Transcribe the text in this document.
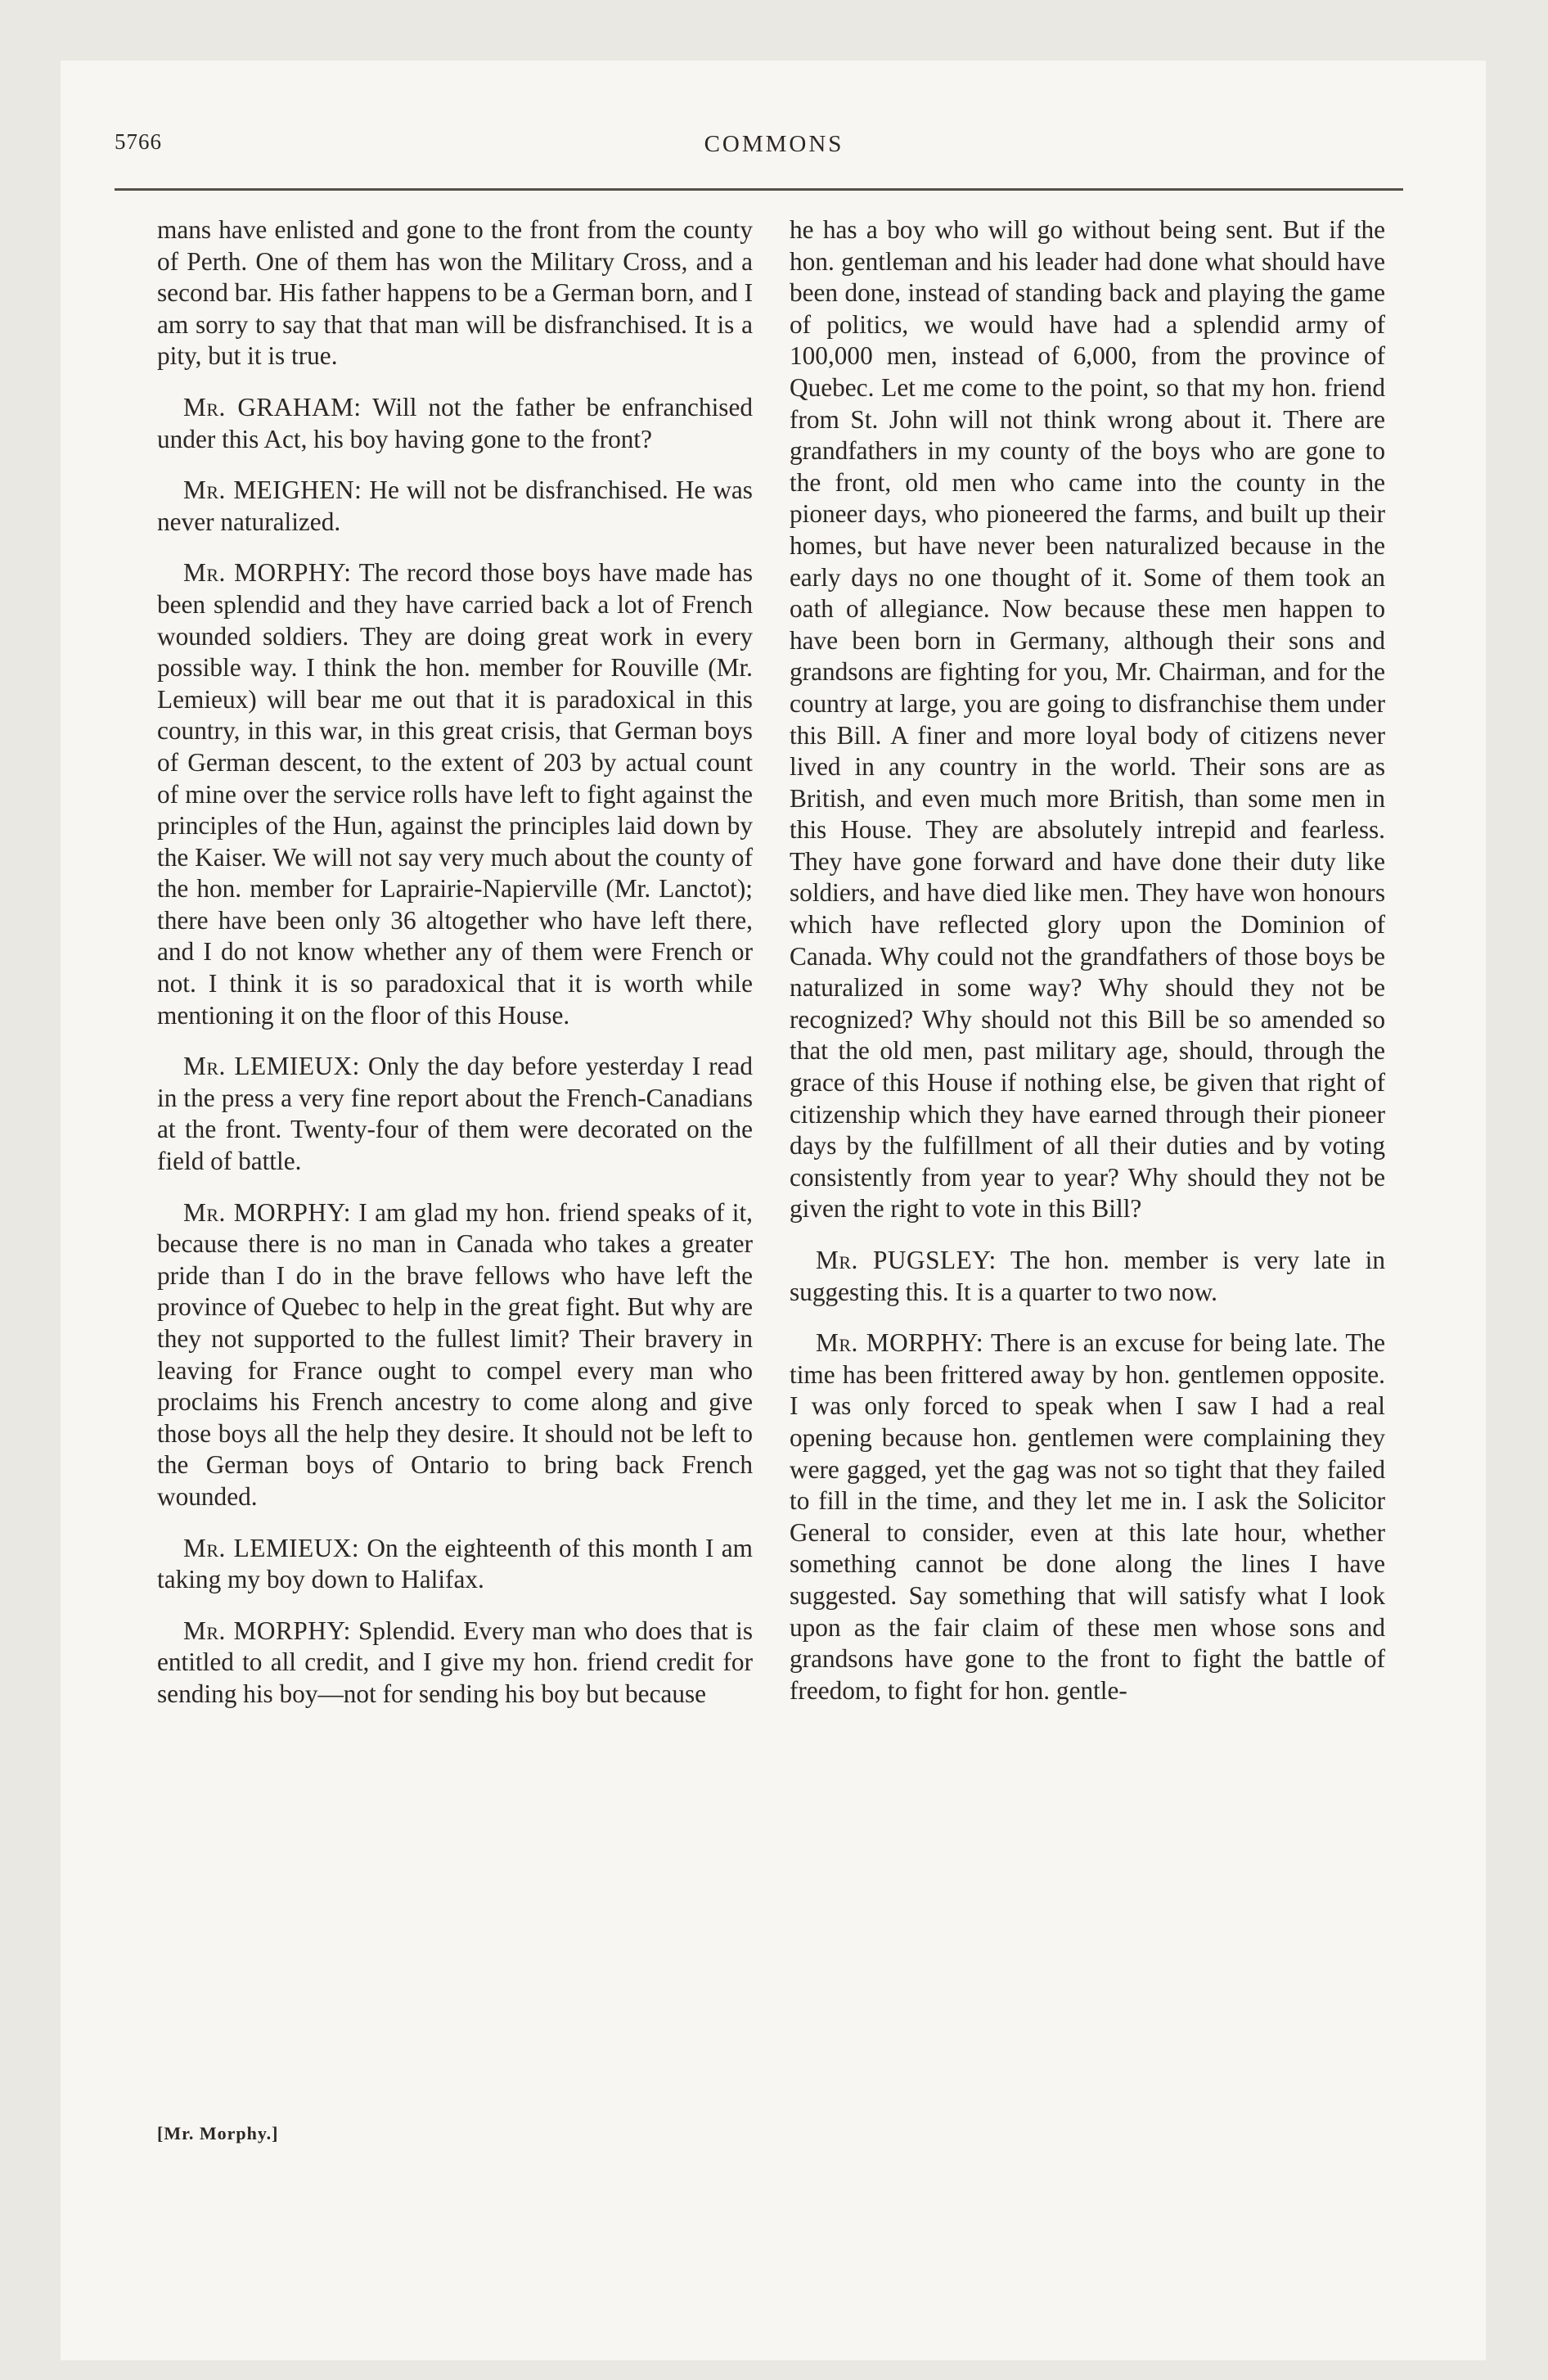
5766	COMMONS

mans have enlisted and gone to the front from the county of Perth. One of them has won the Military Cross, and a second bar. His father happens to be a German born, and I am sorry to say that that man will be disfranchised. It is a pity, but it is true.

Mr. GRAHAM: Will not the father be enfranchised under this Act, his boy having gone to the front?

Mr. MEIGHEN: He will not be disfranchised. He was never naturalized.

Mr. MORPHY: The record those boys have made has been splendid and they have carried back a lot of French wounded soldiers. They are doing great work in every possible way. I think the hon. member for Rouville (Mr. Lemieux) will bear me out that it is paradoxical in this country, in this war, in this great crisis, that German boys of German descent, to the extent of 203 by actual count of mine over the service rolls have left to fight against the principles of the Hun, against the principles laid down by the Kaiser. We will not say very much about the county of the hon. member for Laprairie-Napierville (Mr. Lanctot); there have been only 36 altogether who have left there, and I do not know whether any of them were French or not. I think it is so paradoxical that it is worth while mentioning it on the floor of this House.

Mr. LEMIEUX: Only the day before yesterday I read in the press a very fine report about the French-Canadians at the front. Twenty-four of them were decorated on the field of battle.

Mr. MORPHY: I am glad my hon. friend speaks of it, because there is no man in Canada who takes a greater pride than I do in the brave fellows who have left the province of Quebec to help in the great fight. But why are they not supported to the fullest limit? Their bravery in leaving for France ought to compel every man who proclaims his French ancestry to come along and give those boys all the help they desire. It should not be left to the German boys of Ontario to bring back French wounded.

Mr. LEMIEUX: On the eighteenth of this month I am taking my boy down to Halifax.

Mr. MORPHY: Splendid. Every man who does that is entitled to all credit, and I give my hon. friend credit for sending his boy—not for sending his boy but because

he has a boy who will go without being sent. But if the hon. gentleman and his leader had done what should have been done, instead of standing back and playing the game of politics, we would have had a splendid army of 100,000 men, instead of 6,000, from the province of Quebec. Let me come to the point, so that my hon. friend from St. John will not think wrong about it. There are grandfathers in my county of the boys who are gone to the front, old men who came into the county in the pioneer days, who pioneered the farms, and built up their homes, but have never been naturalized because in the early days no one thought of it. Some of them took an oath of allegiance. Now because these men happen to have been born in Germany, although their sons and grandsons are fighting for you, Mr. Chairman, and for the country at large, you are going to disfranchise them under this Bill. A finer and more loyal body of citizens never lived in any country in the world. Their sons are as British, and even much more British, than some men in this House. They are absolutely intrepid and fearless. They have gone forward and have done their duty like soldiers, and have died like men. They have won honours which have reflected glory upon the Dominion of Canada. Why could not the grandfathers of those boys be naturalized in some way? Why should they not be recognized? Why should not this Bill be so amended so that the old men, past military age, should, through the grace of this House if nothing else, be given that right of citizenship which they have earned through their pioneer days by the fulfillment of all their duties and by voting consistently from year to year? Why should they not be given the right to vote in this Bill?

Mr. PUGSLEY: The hon. member is very late in suggesting this. It is a quarter to two now.

Mr. MORPHY: There is an excuse for being late. The time has been frittered away by hon. gentlemen opposite. I was only forced to speak when I saw I had a real opening because hon. gentlemen were complaining they were gagged, yet the gag was not so tight that they failed to fill in the time, and they let me in. I ask the Solicitor General to consider, even at this late hour, whether something cannot be done along the lines I have suggested. Say something that will satisfy what I look upon as the fair claim of these men whose sons and grandsons have gone to the front to fight the battle of freedom, to fight for hon. gentle-

[Mr. Morphy.]
